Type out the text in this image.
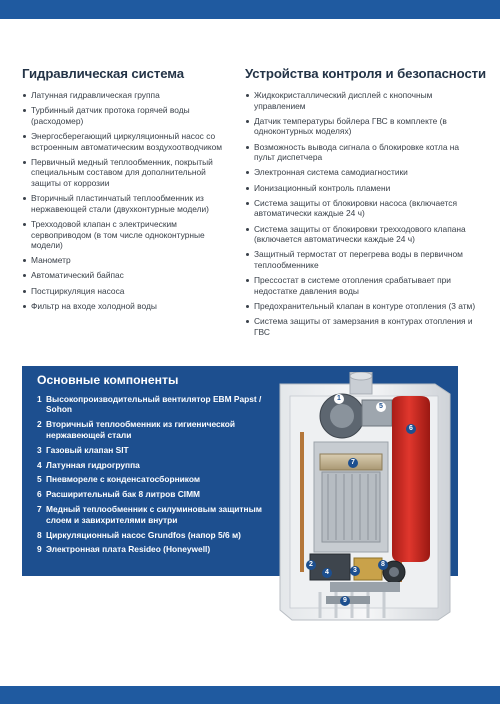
Гидравлическая система
Латунная гидравлическая группа
Турбинный датчик протока горячей воды (расходомер)
Энергосберегающий циркуляционный насос со встроенным автоматическим воздухоотводчиком
Первичный медный теплообменник, покрытый специальным составом для дополнительной защиты от коррозии
Вторичный пластинчатый теплообменник из нержавеющей стали (двухконтурные модели)
Трехходовой клапан с электрическим сервоприводом (в том числе одноконтурные модели)
Манометр
Автоматический байпас
Постциркуляция насоса
Фильтр на входе холодной воды
Устройства контроля и безопасности
Жидкокристаллический дисплей с кнопочным управлением
Датчик температуры бойлера ГВС в комплекте (в одноконтурных моделях)
Возможность вывода сигнала о блокировке котла на пульт диспетчера
Электронная система самодиагностики
Ионизационный контроль пламени
Система защиты от блокировки насоса (включается автоматически каждые 24 ч)
Система защиты от блокировки трехходового клапана (включается автоматически каждые 24 ч)
Защитный термостат от перегрева воды в первичном теплообменнике
Прессостат в системе отопления срабатывает при недостатке давления воды
Предохранительный клапан в контуре отопления (3 атм)
Система защиты от замерзания в контурах отопления и ГВС
Основные компоненты
1 Высокопроизводительный вентилятор EBM Papst / Sohon
2 Вторичный теплообменник из гигиенической нержавеющей стали
3 Газовый клапан SIT
4 Латунная гидрогруппа
5 Пневмореле с конденсатосборником
6 Расширительный бак 8 литров CIMM
7 Медный теплообменник с силуминовым защитным слоем и завихрителями внутри
8 Циркуляционный насос Grundfos (напор 5/6 м)
9 Электронная плата Resideo (Honeywell)
1
5
6
7
2
4	3
8
9
